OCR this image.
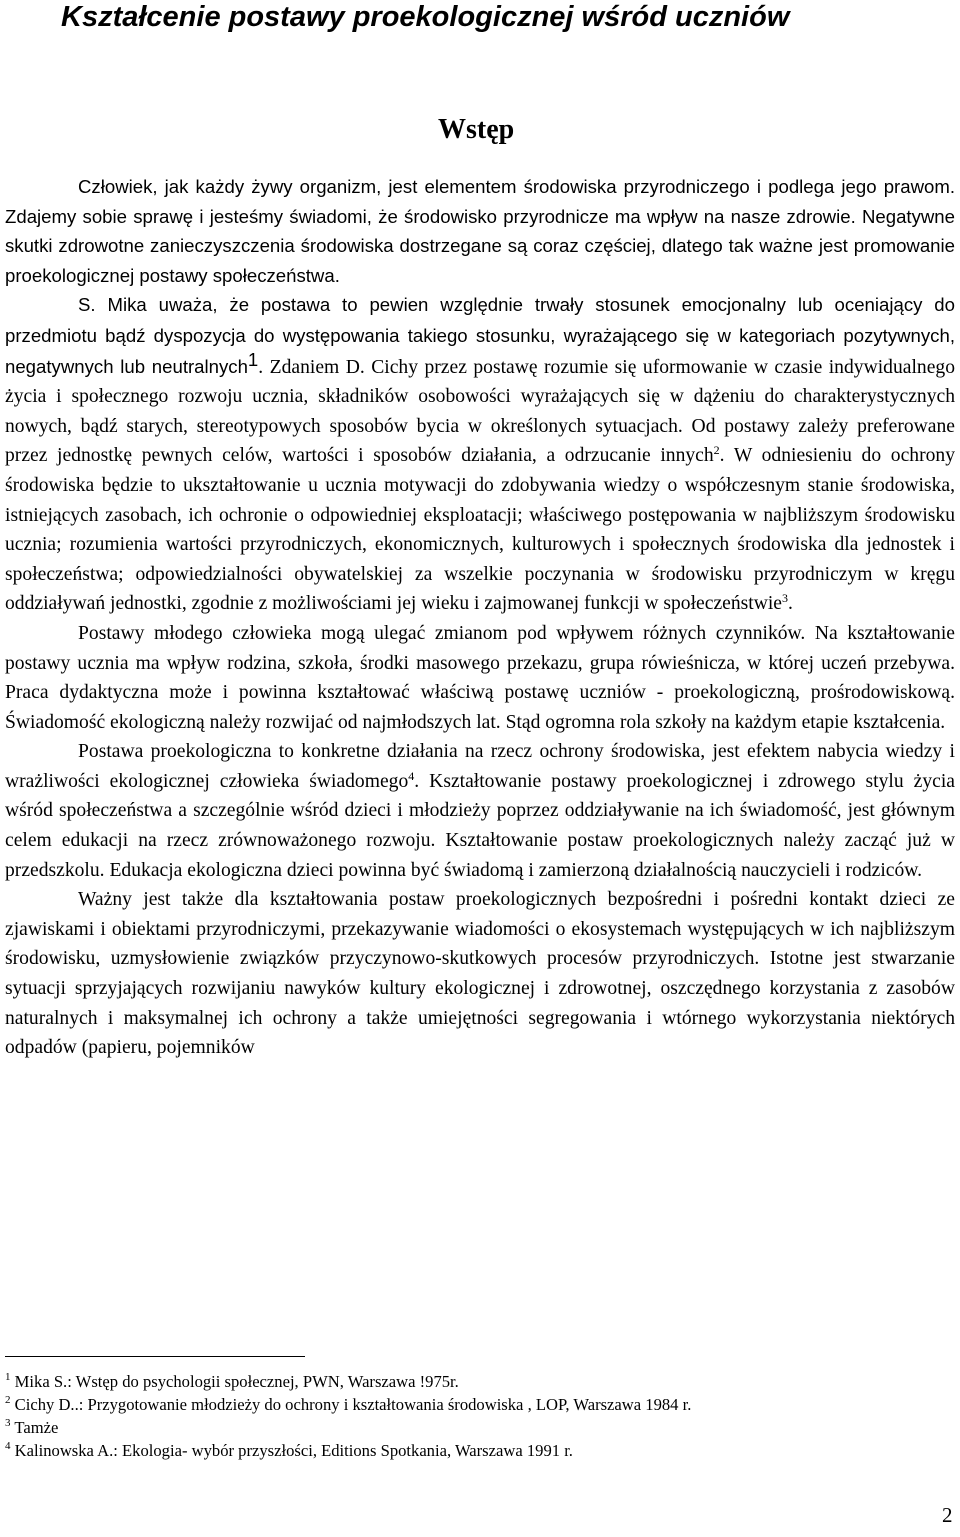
Kształcenie postawy proekologicznej wśród uczniów
Wstęp

Człowiek, jak każdy żywy organizm, jest elementem środowiska przyrodniczego i podlega jego prawom. Zdajemy sobie sprawę i jesteśmy świadomi, że środowisko przyrodnicze ma wpływ na nasze zdrowie. Negatywne skutki zdrowotne zanieczyszczenia środowiska dostrzegane są coraz częściej, dlatego tak ważne jest promowanie proekologicznej postawy społeczeństwa.

S. Mika uważa, że postawa to pewien względnie trwały stosunek emocjonalny lub oceniający do przedmiotu bądź dyspozycja do występowania takiego stosunku, wyrażającego się w kategoriach pozytywnych, negatywnych lub neutralnych$^1$. Zdaniem D. Cichy przez postawę rozumie się uformowanie w czasie indywidualnego życia i społecznego rozwoju ucznia, składników osobowości wyrażających się w dążeniu do charakterystycznych nowych, bądź starych, stereotypowych sposobów bycia w określonych sytuacjach. Od postawy zależy preferowane przez jednostkę pewnych celów, wartości i sposobów działania, a odrzucanie innych$^2$. W odniesieniu do ochrony środowiska będzie to ukształtowanie u ucznia motywacji do zdobywania wiedzy o współczesnym stanie środowiska, istniejących zasobach, ich ochronie o odpowiedniej eksploatacji; właściwego postępowania w najbliższym środowisku ucznia; rozumienia wartości przyrodniczych, ekonomicznych, kulturowych i społecznych środowiska dla jednostek i społeczeństwa; odpowiedzialności obywatelskiej za wszelkie poczynania w środowisku przyrodniczym w kręgu oddziaływań jednostki, zgodnie z możliwościami jej wieku i zajmowanej funkcji w społeczeństwie$^3$.

Postawy młodego człowieka mogą ulegać zmianom pod wpływem różnych czynników. Na kształtowanie postawy ucznia ma wpływ rodzina, szkoła, środki masowego przekazu, grupa rówieśnicza, w której uczeń przebywa. Praca dydaktyczna może i powinna kształtować właściwą postawę uczniów - proekologiczną, prośrodowiskową. Świadomość ekologiczną należy rozwijać od najmłodszych lat. Stąd ogromna rola szkoły na każdym etapie kształcenia.

Postawa proekologiczna to konkretne działania na rzecz ochrony środowiska, jest efektem nabycia wiedzy i wrażliwości ekologicznej człowieka świadomego$^4$. Kształtowanie postawy proekologicznej i zdrowego stylu życia wśród społeczeństwa a szczególnie wśród dzieci i młodzieży poprzez oddziaływanie na ich świadomość, jest głównym celem edukacji na rzecz zrównoważonego rozwoju. Kształtowanie postaw proekologicznych należy zacząć już w przedszkolu. Edukacja ekologiczna dzieci powinna być świadomą i zamierzoną działalnością nauczycieli i rodziców.

Ważny jest także dla kształtowania postaw proekologicznych bezpośredni i pośredni kontakt dzieci ze zjawiskami i obiektami przyrodniczymi, przekazywanie wiadomości o ekosystemach występujących w ich najbliższym środowisku, uzmysłowienie związków przyczynowo-skutkowych procesów przyrodniczych. Istotne jest stwarzanie sytuacji sprzyjających rozwijaniu nawyków kultury ekologicznej i zdrowotnej, oszczędnego korzystania z zasobów naturalnych i maksymalnej ich ochrony a także umiejętności segregowania i wtórnego wykorzystania niektórych odpadów (papieru, pojemników

$^1$ Mika S.: Wstęp do psychologii społecznej, PWN, Warszawa !975r.

$^2$ Cichy D..: Przygotowanie młodzieży do ochrony i kształtowania środowiska , LOP, Warszawa 1984 r.

$^3$ Tamże

$^4$ Kalinowska A.: Ekologia- wybór przyszłości, Editions Spotkania, Warszawa 1991 r.

2
